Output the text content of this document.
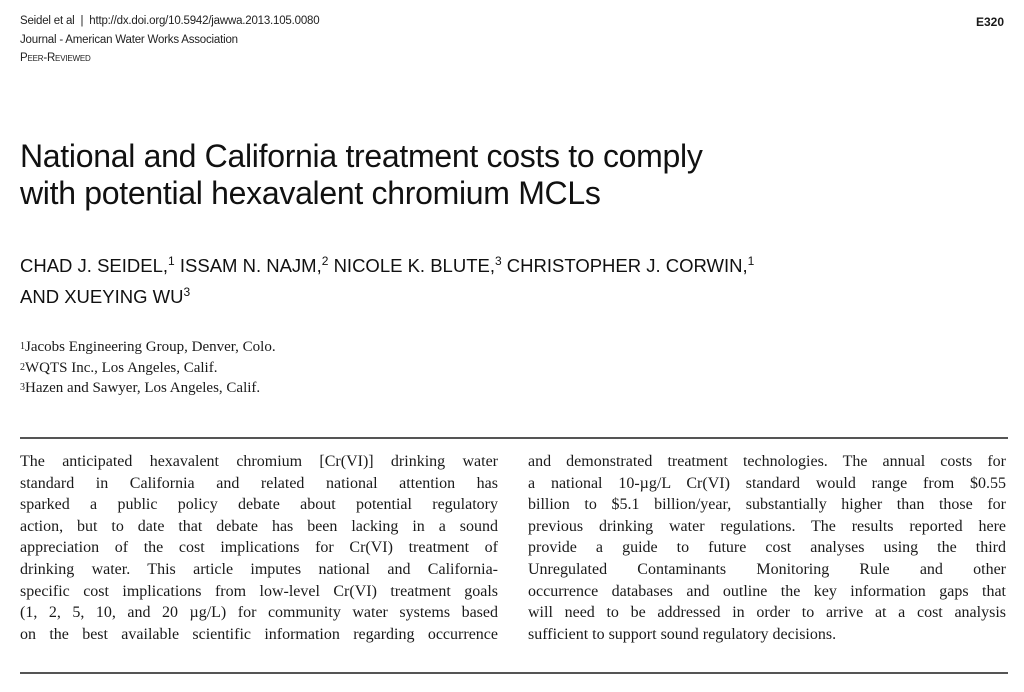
Seidel et al  |  http://dx.doi.org/10.5942/jawwa.2013.105.0080
Journal - American Water Works Association
Peer-Reviewed
E320
National and California treatment costs to comply
with potential hexavalent chromium MCLs
CHAD J. SEIDEL,$^1$ ISSAM N. NAJM,$^2$ NICOLE K. BLUTE,$^3$ CHRISTOPHER J. CORWIN,$^1$
AND XUEYING $WU^3$
$^1$Jacobs Engineering Group, Denver, Colo.
$^2$WQTS Inc., Los Angeles, Calif.
$^3$Hazen and Sawyer, Los Angeles, Calif.
The anticipated hexavalent chromium [Cr(VI)] drinking water
standard in California and related national attention has
sparked a public policy debate about potential regulatory
action, but to date that debate has been lacking in a sound
appreciation of the cost implications for Cr(VI) treatment of
drinking water. This article imputes national and California-
specific cost implications from low-level Cr(VI) treatment goals
(1, 2, 5, 10, and 20 µg/L) for community water systems based
on the best available scientific information regarding occurrence
and demonstrated treatment technologies. The annual costs for
a national 10-µg/L Cr(VI) standard would range from $0.55
billion to $5.1 billion/year, substantially higher than those for
previous drinking water regulations. The results reported here
provide a guide to future cost analyses using the third
Unregulated Contaminants Monitoring Rule and other
occurrence databases and outline the key information gaps that
will need to be addressed in order to arrive at a cost analysis
sufficient to support sound regulatory decisions.
